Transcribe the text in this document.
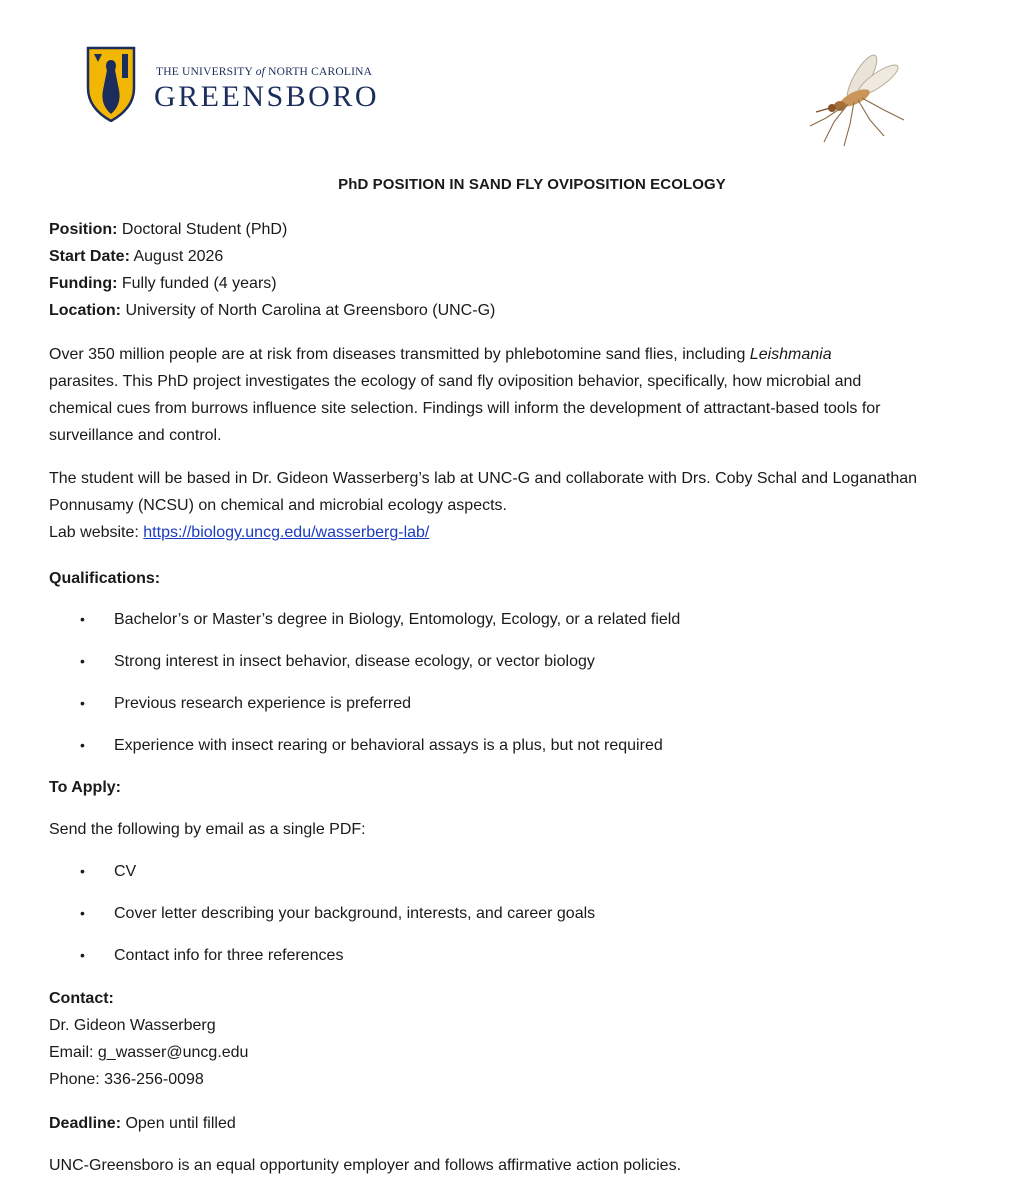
THE UNIVERSITY of NORTH CAROLINA
GREENSBORO
PhD POSITION IN SAND FLY OVIPOSITION ECOLOGY
Position: Doctoral Student (PhD)
Start Date: August 2026
Funding: Fully funded (4 years)
Location: University of North Carolina at Greensboro (UNC-G)
Over 350 million people are at risk from diseases transmitted by phlebotomine sand flies, including Leishmania
parasites. This PhD project investigates the ecology of sand fly oviposition behavior, specifically, how microbial and
chemical cues from burrows influence site selection. Findings will inform the development of attractant-based tools for
surveillance and control.
The student will be based in Dr. Gideon Wasserberg’s lab at UNC-G and collaborate with Drs. Coby Schal and Loganathan
Ponnusamy (NCSU) on chemical and microbial ecology aspects.
Lab website: https://biology.uncg.edu/wasserberg-lab/
Qualifications:
• Bachelor’s or Master’s degree in Biology, Entomology, Ecology, or a related field
• Strong interest in insect behavior, disease ecology, or vector biology
• Previous research experience is preferred
• Experience with insect rearing or behavioral assays is a plus, but not required
To Apply:
Send the following by email as a single PDF:
• CV
• Cover letter describing your background, interests, and career goals
• Contact info for three references
Contact:
Dr. Gideon Wasserberg
Email: g_wasser@uncg.edu
Phone: 336-256-0098
Deadline: Open until filled
UNC-Greensboro is an equal opportunity employer and follows affirmative action policies.
